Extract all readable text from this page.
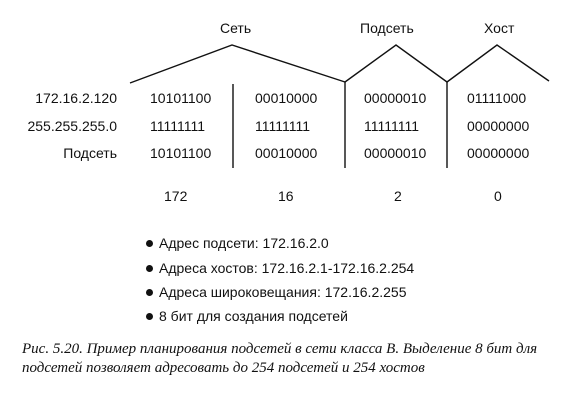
Сеть	Подсеть	Хост
172.16.2.120 10101100	00010000	00000010	01111000
255.255.255.0 11111111	11111111	11111111	00000000
Подсеть 10101100	00010000	00000010	00000000
172	16	2	0
Адрес подсети: 172.16.2.0
Адреса хостов: 172.16.2.1-172.16.2.254
Адреса широковещания: 172.16.2.255
8 бит для создания подсетей
Рис. 5.20. Пример планирования подсетей в сети класса В. Выделение 8 бит для подсетей позволяет адресовать до 254 подсетей и 254 хостов
